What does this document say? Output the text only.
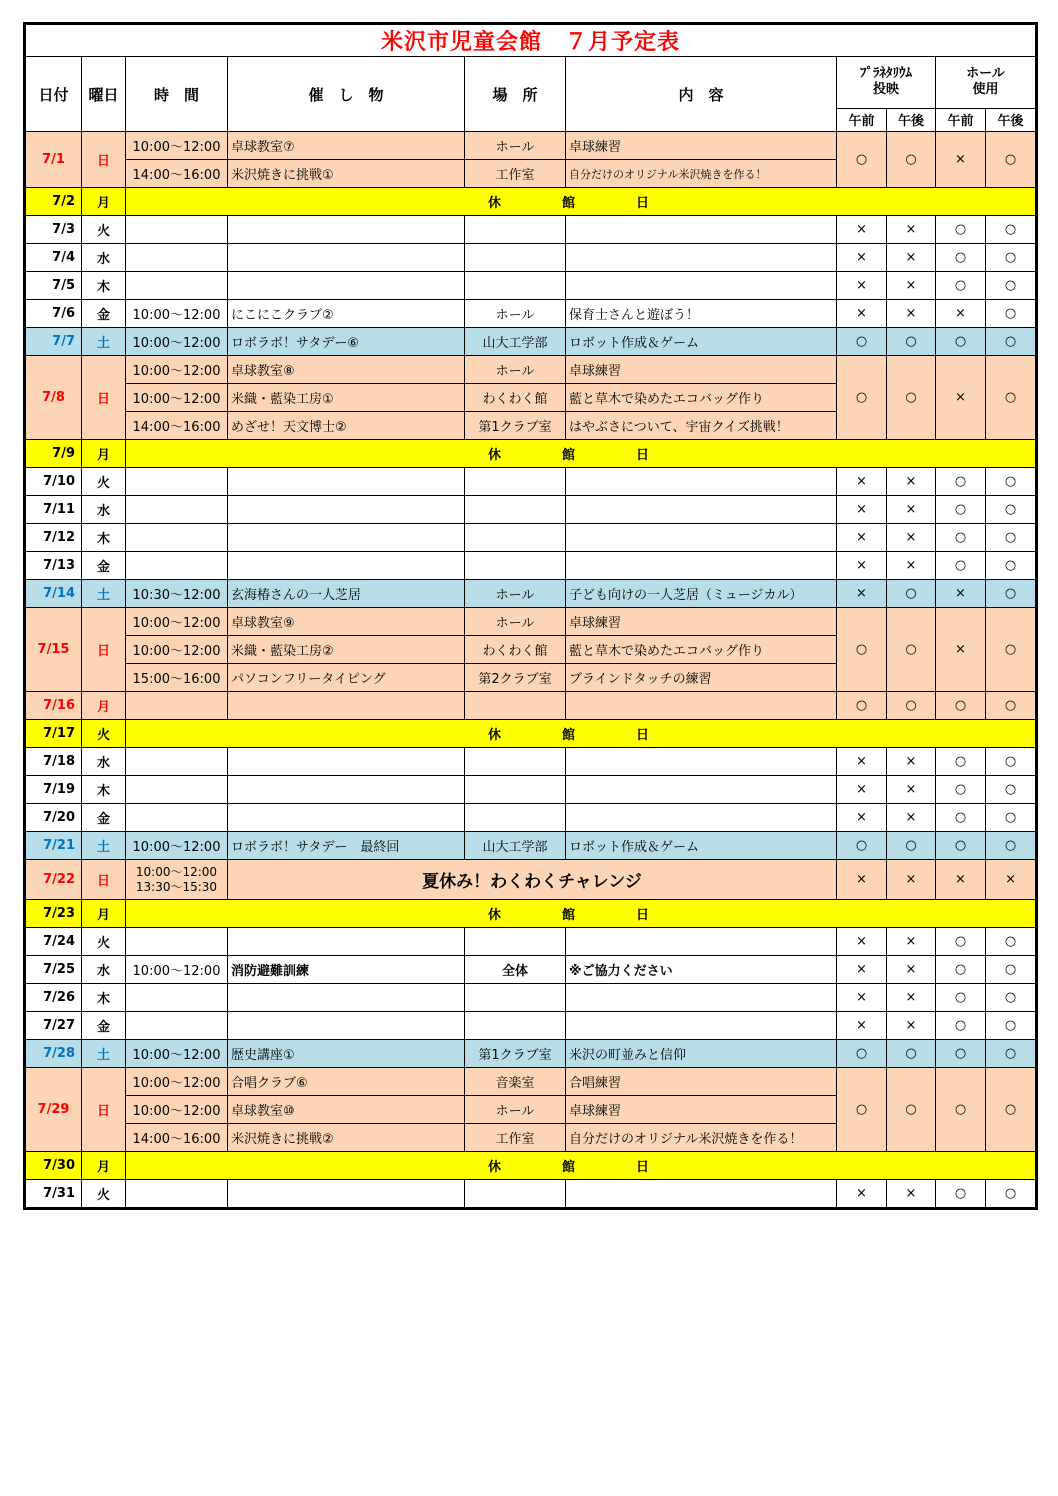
米沢市児童会館　７月予定表									
日付	曜日	時　間	催　し　物	場　所	内　容	ﾌﾟﾗﾈﾀﾘｳﾑ
投映		ホール
使用	
						午前	午後	午前	午後
7/1	日	10:00～12:00	卓球教室⑦	ホール	卓球練習	○	○	×	○
		14:00～16:00	米沢焼きに挑戦①	工作室	自分だけのオリジナル米沢焼きを作る！				
7/2	月	休　館　日							
7/3	火					×	×	○	○
7/4	水					×	×	○	○
7/5	木					×	×	○	○
7/6	金	10:00～12:00	にこにこクラブ②	ホール	保育士さんと遊ぼう！	×	×	×	○
7/7	土	10:00～12:00	ロボラボ！サタデー⑥	山大工学部	ロボット作成＆ゲーム	○	○	○	○
7/8	日	10:00～12:00	卓球教室⑧	ホール	卓球練習	○	○	×	○
		10:00～12:00	米織・藍染工房①	わくわく館	藍と草木で染めたエコバッグ作り				
		14:00～16:00	めざせ！天文博士②	第1クラブ室	はやぶさについて、宇宙クイズ挑戦！				
7/9	月	休　館　日							
7/10	火					×	×	○	○
7/11	水					×	×	○	○
7/12	木					×	×	○	○
7/13	金					×	×	○	○
7/14	土	10:30～12:00	玄海椿さんの一人芝居	ホール	子ども向けの一人芝居（ミュージカル）	×	○	×	○
7/15	日	10:00～12:00	卓球教室⑨	ホール	卓球練習	○	○	×	○
		10:00～12:00	米織・藍染工房②	わくわく館	藍と草木で染めたエコバッグ作り				
		15:00～16:00	パソコンフリータイピング	第2クラブ室	ブラインドタッチの練習				
7/16	月					○	○	○	○
7/17	火	休　館　日							
7/18	水					×	×	○	○
7/19	木					×	×	○	○
7/20	金					×	×	○	○
7/21	土	10:00～12:00	ロボラボ！サタデー　最終回	山大工学部	ロボット作成＆ゲーム	○	○	○	○
7/22	日	10:00～12:00
13:30～15:30	夏休み！わくわくチャレンジ			×	×	×	×
7/23	月	休　館　日							
7/24	火					×	×	○	○
7/25	水	10:00～12:00	消防避難訓練	全体	※ご協力ください	×	×	○	○
7/26	木					×	×	○	○
7/27	金					×	×	○	○
7/28	土	10:00～12:00	歴史講座①	第1クラブ室	米沢の町並みと信仰	○	○	○	○
7/29	日	10:00～12:00	合唱クラブ⑥	音楽室	合唱練習	○	○	○	○
		10:00～12:00	卓球教室⑩	ホール	卓球練習				
		14:00～16:00	米沢焼きに挑戦②	工作室	自分だけのオリジナル米沢焼きを作る！				
7/30	月	休　館　日							
7/31	火					×	×	○	○
